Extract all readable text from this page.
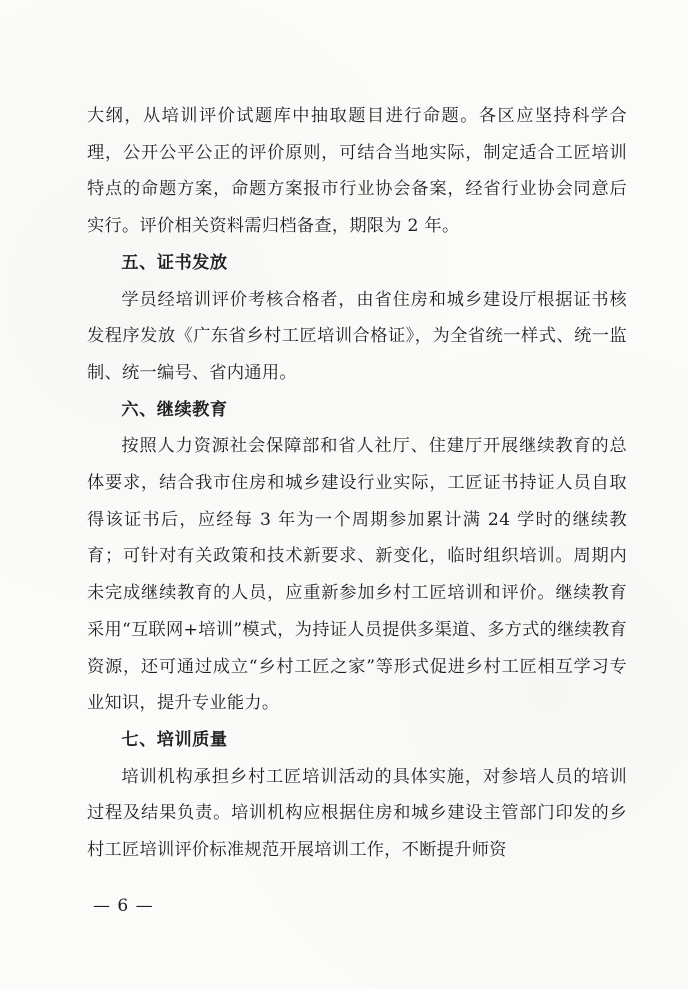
大纲，从培训评价试题库中抽取题目进行命题。各区应坚持科学合理，公开公平公正的评价原则，可结合当地实际，制定适合工匠培训特点的命题方案，命题方案报市行业协会备案，经省行业协会同意后实行。评价相关资料需归档备查，期限为 2 年。

五、证书发放

学员经培训评价考核合格者，由省住房和城乡建设厅根据证书核发程序发放《广东省乡村工匠培训合格证》，为全省统一样式、统一监制、统一编号、省内通用。

六、继续教育

按照人力资源社会保障部和省人社厅、住建厅开展继续教育的总体要求，结合我市住房和城乡建设行业实际，工匠证书持证人员自取得该证书后，应经每 3 年为一个周期参加累计满 24 学时的继续教育；可针对有关政策和技术新要求、新变化，临时组织培训。周期内未完成继续教育的人员，应重新参加乡村工匠培训和评价。继续教育采用“互联网+培训”模式，为持证人员提供多渠道、多方式的继续教育资源，还可通过成立“乡村工匠之家”等形式促进乡村工匠相互学习专业知识，提升专业能力。

七、培训质量

培训机构承担乡村工匠培训活动的具体实施，对参培人员的培训过程及结果负责。培训机构应根据住房和城乡建设主管部门印发的乡村工匠培训评价标准规范开展培训工作，不断提升师资

— 6 —
